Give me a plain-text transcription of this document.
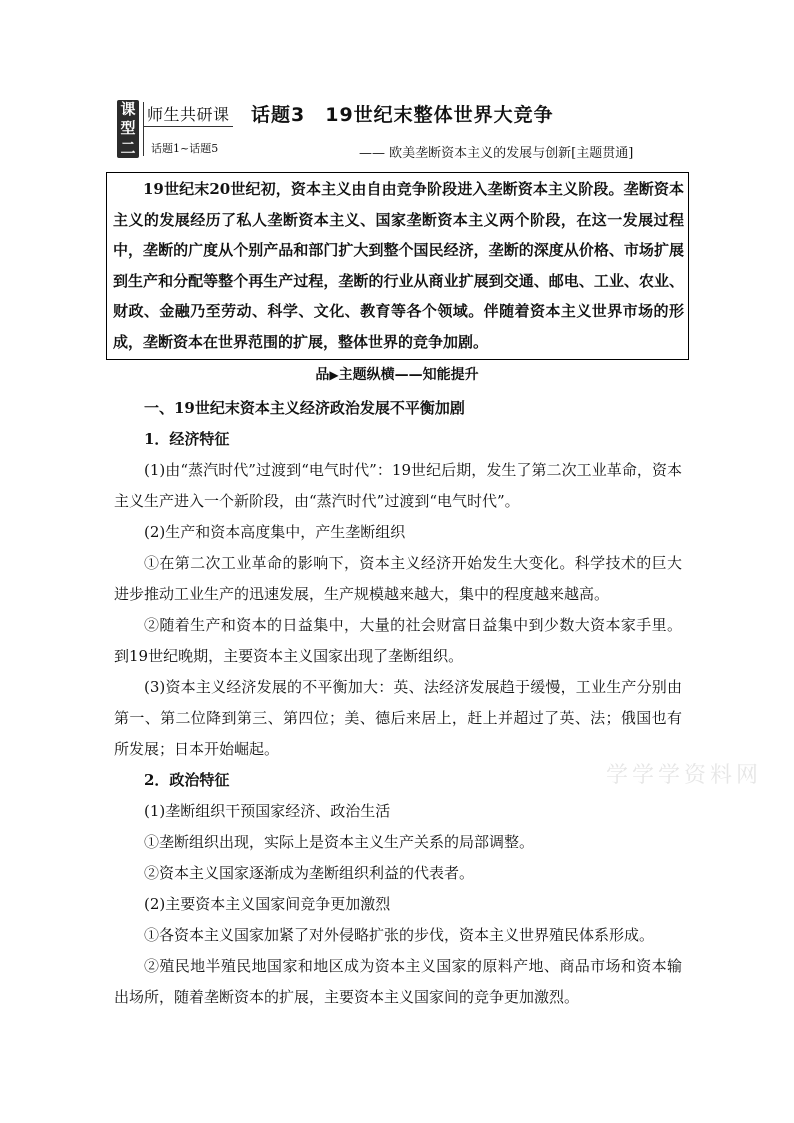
课
型
二
师生共研课
话题1~话题5
话题3　19世纪末整体世界大竞争
—— 欧美垄断资本主义的发展与创新[主题贯通]
19世纪末20世纪初，资本主义由自由竞争阶段进入垄断资本主义阶段。垄断资本主义的发展经历了私人垄断资本主义、国家垄断资本主义两个阶段，在这一发展过程中，垄断的广度从个别产品和部门扩大到整个国民经济，垄断的深度从价格、市场扩展到生产和分配等整个再生产过程，垄断的行业从商业扩展到交通、邮电、工业、农业、财政、金融乃至劳动、科学、文化、教育等各个领域。伴随着资本主义世界市场的形成，垄断资本在世界范围的扩展，整体世界的竞争加剧。
品▶主题纵横——知能提升

一、19世纪末资本主义经济政治发展不平衡加剧

1．经济特征

(1)由“蒸汽时代”过渡到“电气时代”：19世纪后期，发生了第二次工业革命，资本主义生产进入一个新阶段，由“蒸汽时代”过渡到“电气时代”。

(2)生产和资本高度集中，产生垄断组织

①在第二次工业革命的影响下，资本主义经济开始发生大变化。科学技术的巨大进步推动工业生产的迅速发展，生产规模越来越大，集中的程度越来越高。

②随着生产和资本的日益集中，大量的社会财富日益集中到少数大资本家手里。到19世纪晚期，主要资本主义国家出现了垄断组织。

(3)资本主义经济发展的不平衡加大：英、法经济发展趋于缓慢，工业生产分别由第一、第二位降到第三、第四位；美、德后来居上，赶上并超过了英、法；俄国也有所发展；日本开始崛起。

2．政治特征

(1)垄断组织干预国家经济、政治生活

①垄断组织出现，实际上是资本主义生产关系的局部调整。

②资本主义国家逐渐成为垄断组织利益的代表者。

(2)主要资本主义国家间竞争更加激烈

①各资本主义国家加紧了对外侵略扩张的步伐，资本主义世界殖民体系形成。

②殖民地半殖民地国家和地区成为资本主义国家的原料产地、商品市场和资本输出场所，随着垄断资本的扩展，主要资本主义国家间的竞争更加激烈。

学学学资料网
